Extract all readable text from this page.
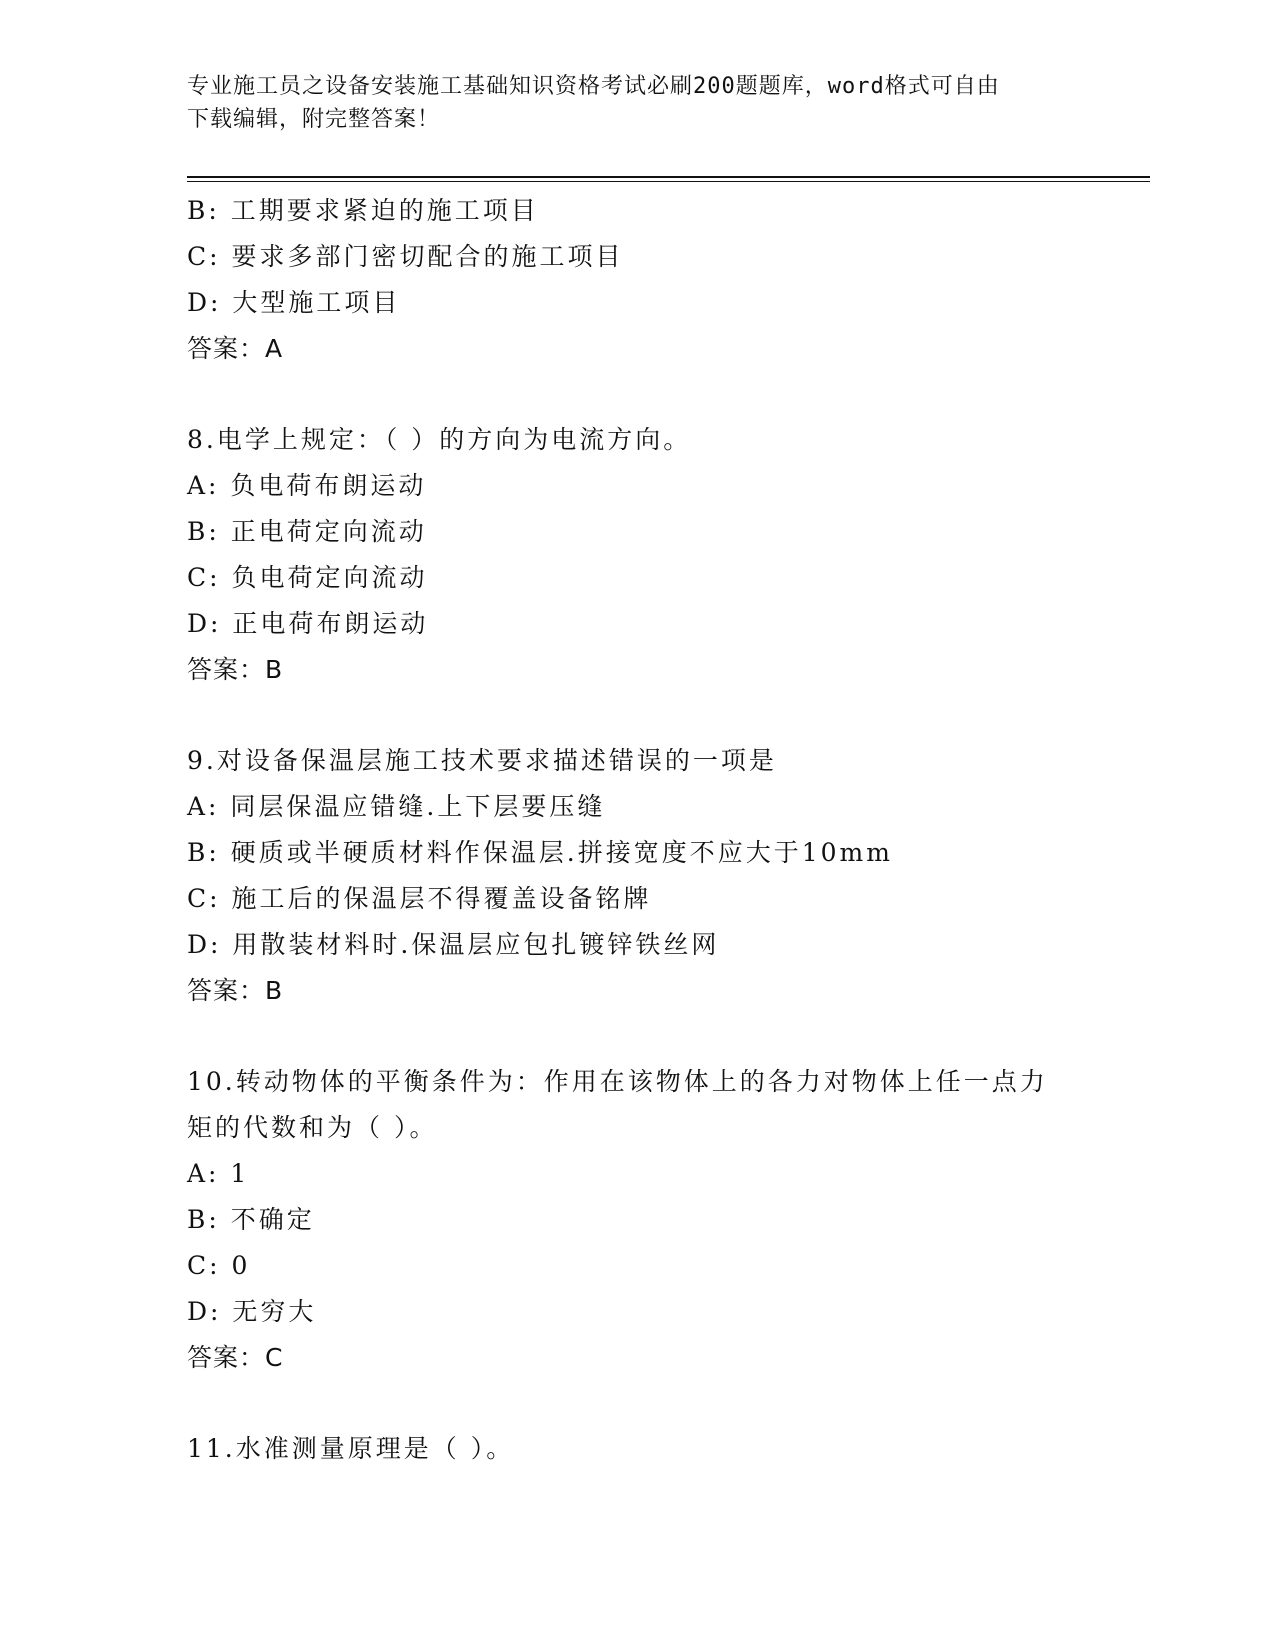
专业施工员之设备安装施工基础知识资格考试必刷200题题库，word格式可自由
下载编辑，附完整答案！
B: 工期要求紧迫的施工项目
C: 要求多部门密切配合的施工项目
D: 大型施工项目
答案：A
8.电学上规定：（ ）的方向为电流方向。
A: 负电荷布朗运动
B: 正电荷定向流动
C: 负电荷定向流动
D: 正电荷布朗运动
答案：B
9.对设备保温层施工技术要求描述错误的一项是
A: 同层保温应错缝.上下层要压缝
B: 硬质或半硬质材料作保温层.拼接宽度不应大于10mm
C: 施工后的保温层不得覆盖设备铭牌
D: 用散装材料时.保温层应包扎镀锌铁丝网
答案：B
10.转动物体的平衡条件为：作用在该物体上的各力对物体上任一点力
矩的代数和为（ ）。
A: 1
B: 不确定
C: 0
D: 无穷大
答案：C
11.水准测量原理是（ ）。
